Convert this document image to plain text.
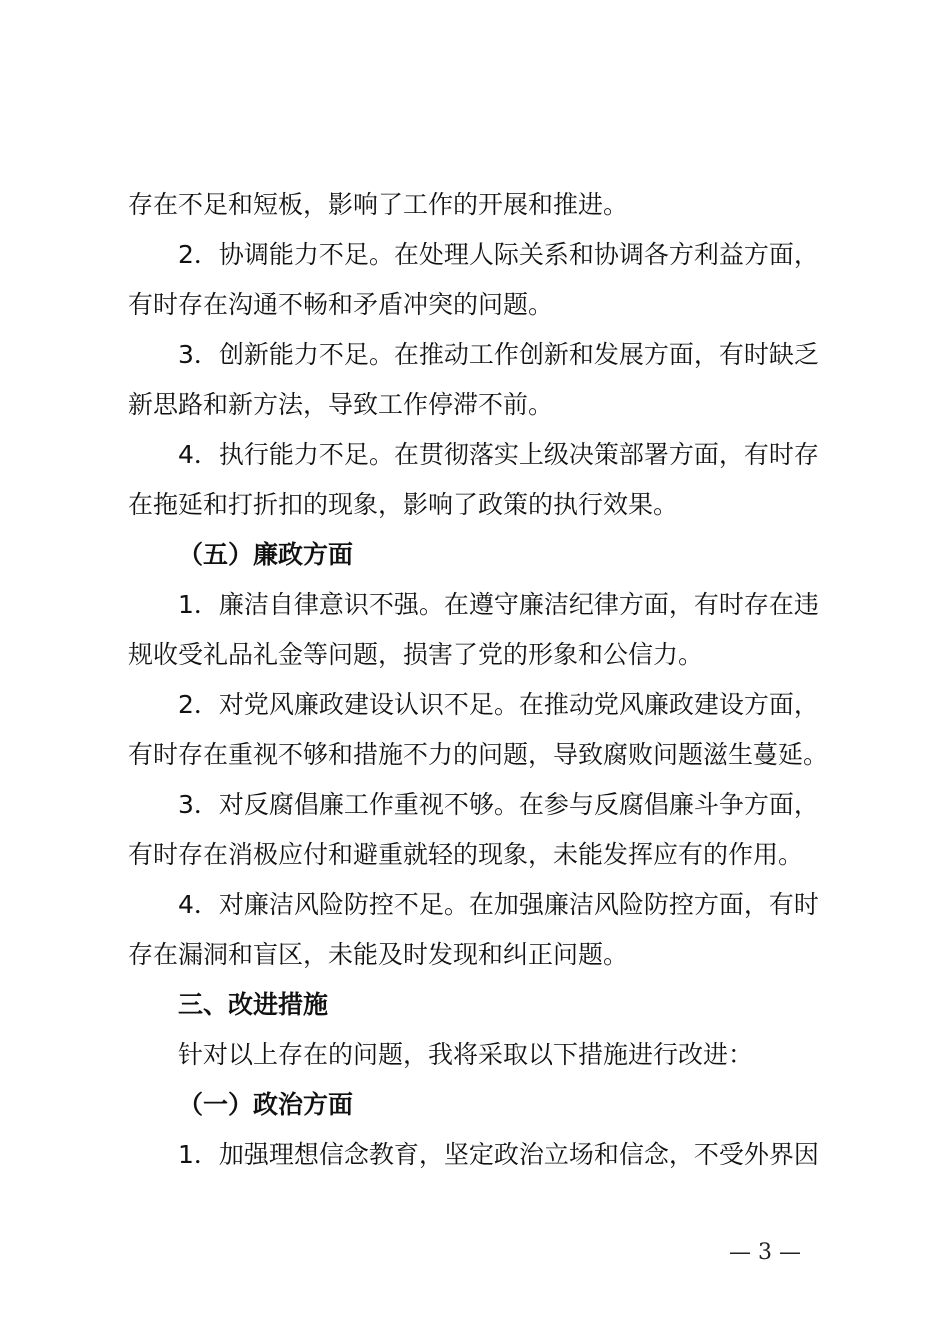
存在不足和短板，影响了工作的开展和推进。
2．协调能力不足。在处理人际关系和协调各方利益方面，
有时存在沟通不畅和矛盾冲突的问题。
3．创新能力不足。在推动工作创新和发展方面，有时缺乏
新思路和新方法，导致工作停滞不前。
4．执行能力不足。在贯彻落实上级决策部署方面，有时存
在拖延和打折扣的现象，影响了政策的执行效果。
（五）廉政方面
1．廉洁自律意识不强。在遵守廉洁纪律方面，有时存在违
规收受礼品礼金等问题，损害了党的形象和公信力。
2．对党风廉政建设认识不足。在推动党风廉政建设方面，
有时存在重视不够和措施不力的问题，导致腐败问题滋生蔓延。
3．对反腐倡廉工作重视不够。在参与反腐倡廉斗争方面，
有时存在消极应付和避重就轻的现象，未能发挥应有的作用。
4．对廉洁风险防控不足。在加强廉洁风险防控方面，有时
存在漏洞和盲区，未能及时发现和纠正问题。
三、改进措施
针对以上存在的问题，我将采取以下措施进行改进：
（一）政治方面
1．加强理想信念教育，坚定政治立场和信念，不受外界因
— 3 —
